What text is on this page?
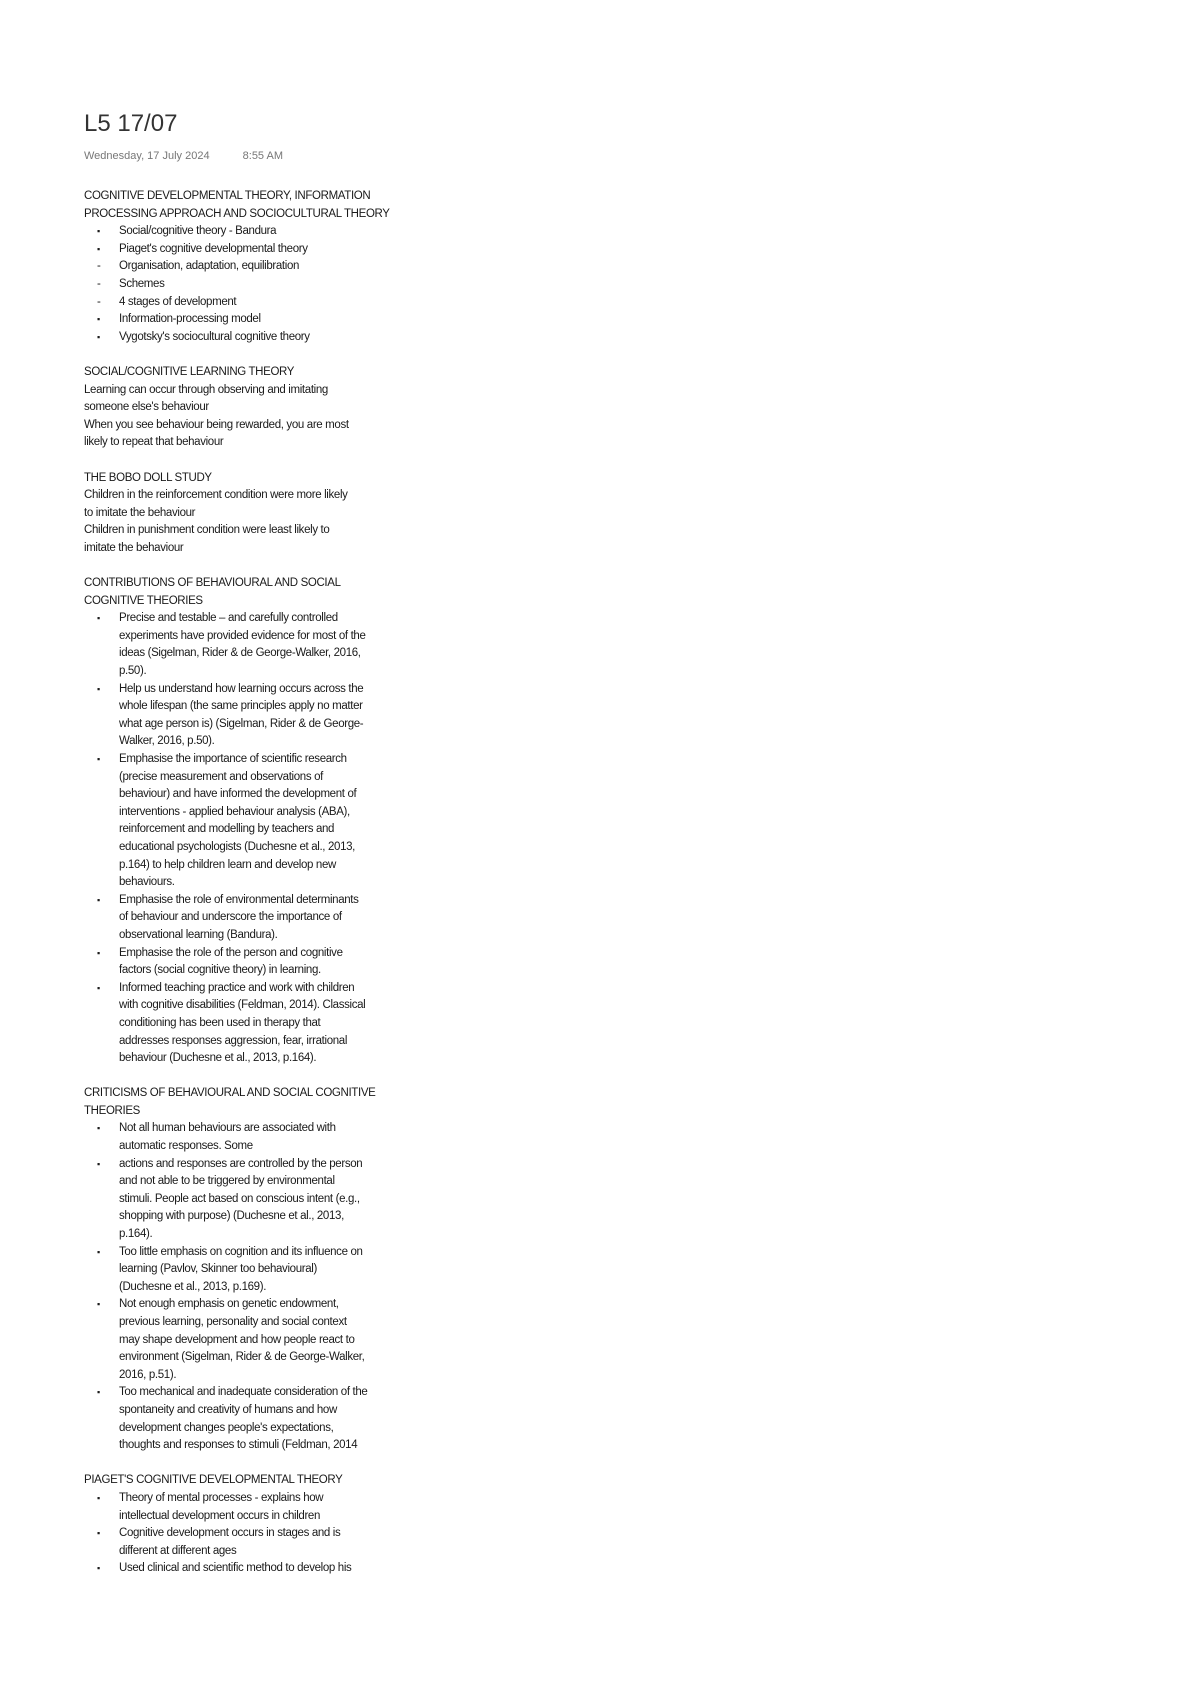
L5 17/07
Wednesday, 17 July 2024	8:55 AM
COGNITIVE DEVELOPMENTAL THEORY, INFORMATION
PROCESSING APPROACH AND SOCIOCULTURAL THEORY
▪	Social/cognitive theory - Bandura
▪	Piaget's cognitive developmental theory
-	Organisation, adaptation, equilibration
-	Schemes
-	4 stages of development
▪	Information-processing model
▪	Vygotsky's sociocultural cognitive theory
SOCIAL/COGNITIVE LEARNING THEORY
Learning can occur through observing and imitating
someone else's behaviour
When you see behaviour being rewarded, you are most
likely to repeat that behaviour
THE BOBO DOLL STUDY
Children in the reinforcement condition were more likely
to imitate the behaviour
Children in punishment condition were least likely to
imitate the behaviour
CONTRIBUTIONS OF BEHAVIOURAL AND SOCIAL
COGNITIVE THEORIES
▪	Precise and testable – and carefully controlled
experiments have provided evidence for most of the
ideas (Sigelman, Rider & de George-Walker, 2016,
p.50).
▪	Help us understand how learning occurs across the
whole lifespan (the same principles apply no matter
what age person is) (Sigelman, Rider & de George-
Walker, 2016, p.50).
▪	Emphasise the importance of scientific research
(precise measurement and observations of
behaviour) and have informed the development of
interventions - applied behaviour analysis (ABA),
reinforcement and modelling by teachers and
educational psychologists (Duchesne et al., 2013,
p.164) to help children learn and develop new
behaviours.
▪	Emphasise the role of environmental determinants
of behaviour and underscore the importance of
observational learning (Bandura).
▪	Emphasise the role of the person and cognitive
factors (social cognitive theory) in learning.
▪	Informed teaching practice and work with children
with cognitive disabilities (Feldman, 2014). Classical
conditioning has been used in therapy that
addresses responses aggression, fear, irrational
behaviour (Duchesne et al., 2013, p.164).
CRITICISMS OF BEHAVIOURAL AND SOCIAL COGNITIVE
THEORIES
▪	Not all human behaviours are associated with
automatic responses. Some
▪	actions and responses are controlled by the person
and not able to be triggered by environmental
stimuli. People act based on conscious intent (e.g.,
shopping with purpose) (Duchesne et al., 2013,
p.164).
▪	Too little emphasis on cognition and its influence on
learning (Pavlov, Skinner too behavioural)
(Duchesne et al., 2013, p.169).
▪	Not enough emphasis on genetic endowment,
previous learning, personality and social context
may shape development and how people react to
environment (Sigelman, Rider & de George-Walker,
2016, p.51).
▪	Too mechanical and inadequate consideration of the
spontaneity and creativity of humans and how
development changes people's expectations,
thoughts and responses to stimuli (Feldman, 2014
PIAGET'S COGNITIVE DEVELOPMENTAL THEORY
▪	Theory of mental processes - explains how
intellectual development occurs in children
▪	Cognitive development occurs in stages and is
different at different ages
▪	Used clinical and scientific method to develop his
